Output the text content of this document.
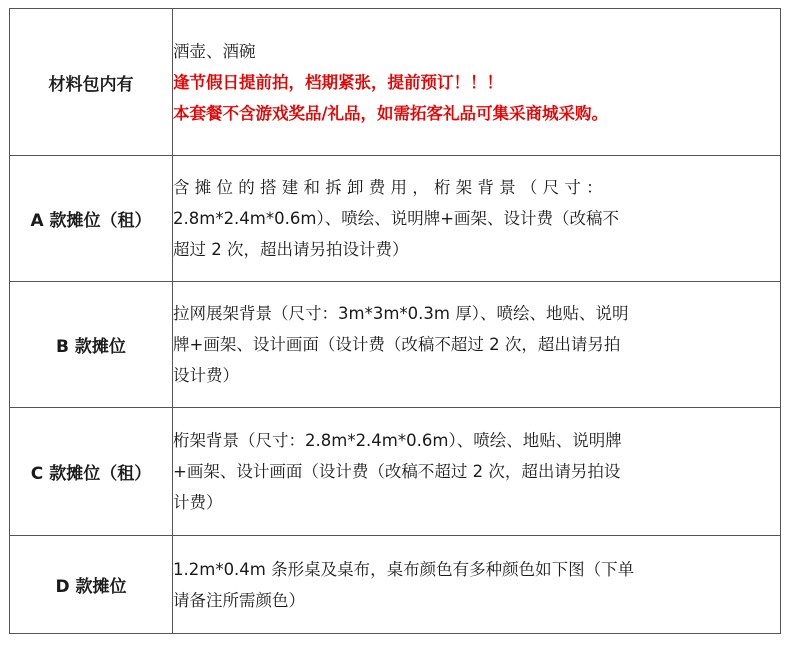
材料包内有	酒壶、酒碗
逢节假日提前拍，档期紧张，提前预订！！！
本套餐不含游戏奖品/礼品，如需拓客礼品可集采商城采购。

A 款摊位（租）	含 摊 位 的 搭 建 和 拆 卸 费 用 ， 桁 架 背 景 （ 尺 寸 ：
2.8m*2.4m*0.6m）、喷绘、说明牌+画架、设计费（改稿不
超过 2 次，超出请另拍设计费）

B 款摊位	拉网展架背景（尺寸：3m*3m*0.3m 厚）、喷绘、地贴、说明
牌+画架、设计画面（设计费（改稿不超过 2 次，超出请另拍
设计费）

C 款摊位（租）	桁架背景（尺寸：2.8m*2.4m*0.6m）、喷绘、地贴、说明牌
+画架、设计画面（设计费（改稿不超过 2 次，超出请另拍设
计费）

D 款摊位	1.2m*0.4m 条形桌及桌布，桌布颜色有多种颜色如下图（下单
请备注所需颜色）
